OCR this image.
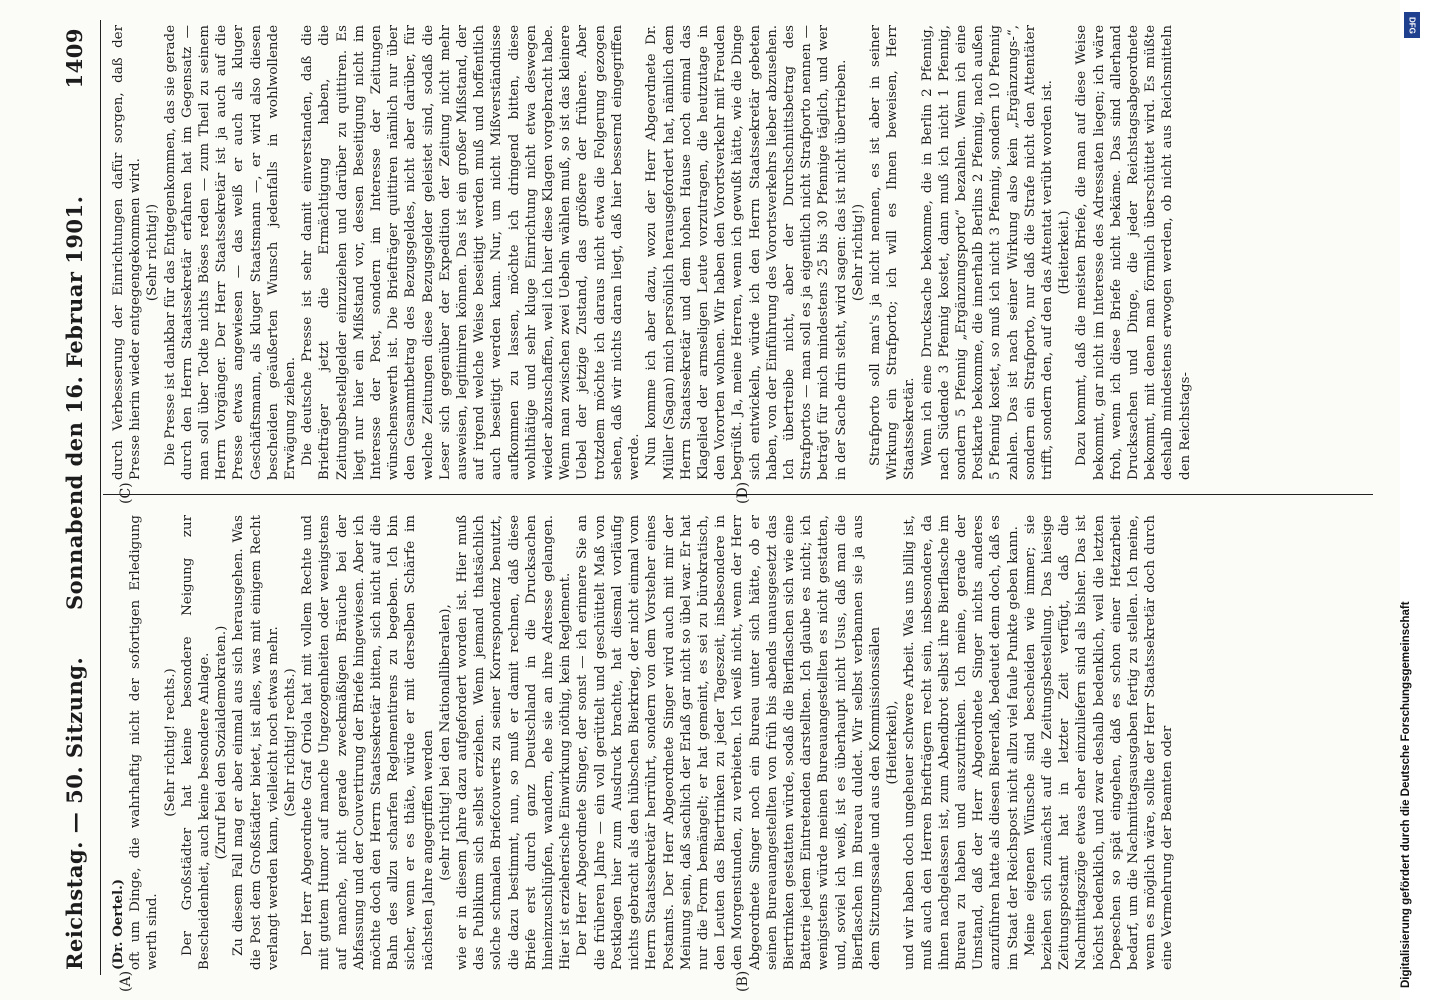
Reichstag. — 50. Sitzung.
Sonnabend den 16. Februar 1901.
1409
(A)	(B)
(C)	(D)

(Dr. Oertel.) oft um Dinge, die wahrhaftig nicht der sofortigen Erledigung werth sind.

(Sehr richtig! rechts.) Der Großstädter hat keine besondere Neigung zur Bescheidenheit, auch keine besondere Anlage. (Zuruf bei den Sozialdemokraten.) Zu diesem Fall mag er aber einmal aus sich herausgehen. Was die Post dem Großstädter bietet, ist alles, was mit einigem Recht verlangt werden kann, vielleicht noch etwas mehr. (Sehr richtig! rechts.) Der Herr Abgeordnete Graf Oriola hat mit vollem Rechte und mit gutem Humor auf manche Ungezogenheiten oder wenigstens auf manche, nicht gerade zweckmäßigen Bräuche bei der Abfassung und der Couvertirung der Briefe hingewiesen. Aber ich möchte doch den Herrn Staatssekretär bitten, sich nicht auf die Bahn des allzu scharfen Reglementirens zu begeben. Ich bin sicher, wenn er es thäte, würde er mit derselben Schärfe im nächsten Jahre angegriffen werden (sehr richtig! bei den Nationalliberalen), wie er in diesem Jahre dazu aufgefordert worden ist. Hier muß das Publikum sich selbst erziehen. Wenn jemand thatsächlich solche schmalen Briefcouverts zu seiner Korrespondenz benutzt, die dazu bestimmt, nun, so muß er damit rechnen, daß diese Briefe erst durch ganz Deutschland in die Drucksachen hineinzuschlüpfen, wandern, ehe sie an ihre Adresse gelangen. Hier ist erzieherische Einwirkung nöthig, kein Reglement. Der Herr Abgeordnete Singer, der sonst — ich erinnere Sie an die früheren Jahre — ein voll gerüttelt und geschüttelt Maß von Postklagen hier zum Ausdruck brachte, hat diesmal vorläufig nichts gebracht als den hübschen Bierkrieg, der nicht einmal vom Herrn Staatssekretär herrührt, sondern von dem Vorsteher eines Postamts. Der Herr Abgeordnete Singer wird auch mit mir der Meinung sein, daß sachlich der Erlaß gar nicht so übel war. Er hat nur die Form bemängelt; er hat gemeint, es sei zu bürokratisch, den Leuten das Biertrinken zu jeder Tageszeit, insbesondere in den Morgenstunden, zu verbieten. Ich weiß nicht, wenn der Herr Abgeordnete Singer noch ein Bureau unter sich hätte, ob er seinen Bureauangestellten von früh bis abends unausgesetzt das Biertrinken gestatten würde, sodaß die Bierflaschen sich wie eine Batterie jedem Eintretenden darstellten. Ich glaube es nicht; ich wenigstens würde meinen Bureauangestellten es nicht gestatten, und, soviel ich weiß, ist es überhaupt nicht Usus, daß man die Bierflaschen im Bureau duldet. Wir selbst verbannen sie ja aus dem Sitzungssaale und aus den Kommissionssälen (Heiterkeit), und wir haben doch ungeheuer schwere Arbeit. Was uns billig ist, muß auch den Herren Briefträgern recht sein, insbesondere, da ihnen nachgelassen ist, zum Abendbrot selbst ihre Bierflasche im Bureau zu haben und auszutrinken. Ich meine, gerade der Umstand, daß der Herr Abgeordnete Singer nichts anderes anzuführen hatte als diesen Biererlaß, bedeutet denn doch, daß es im Staat der Reichspost nicht allzu viel faule Punkte geben kann. Meine eigenen Wünsche sind bescheiden wie immer; sie beziehen sich zunächst auf die Zeitungsbestellung. Das hiesige Zeitungspostamt hat in letzter Zeit verfügt, daß die Nachmittagszüge etwas eher einzuliefern sind als bisher. Das ist höchst bedenklich, und zwar deshalb bedenklich, weil die letzten Depeschen so spät eingehen, daß es schon einer Hetzarbeit bedarf, um die Nachmittagsausgaben fertig zu stellen. Ich meine, wenn es möglich wäre, sollte der Herr Staatssekretär doch durch eine Vermehrung der Beamten oder

durch Verbesserung der Einrichtungen dafür sorgen, daß der Presse hierin wieder entgegengekommen wird. (Sehr richtig!) Die Presse ist dankbar für das Entgegenkommen, das sie gerade durch den Herrn Staatssekretär erfahren hat im Gegensatz — man soll über Todte nichts Böses reden — zum Theil zu seinem Herrn Vorgänger. Der Herr Staatssekretär ist ja auch auf die Presse etwas angewiesen — das weiß er auch als kluger Geschäftsmann, als kluger Staatsmann —, er wird also diesen bescheiden geäußerten Wunsch jedenfalls in wohlwollende Erwägung ziehen. Die deutsche Presse ist sehr damit einverstanden, daß die Briefträger jetzt die Ermächtigung haben, die Zeitungsbestellgelder einzuziehen und darüber zu quittiren. Es liegt nur hier ein Mißstand vor, dessen Beseitigung nicht im Interesse der Post, sondern im Interesse der Zeitungen wünschenswerth ist. Die Briefträger quittiren nämlich nur über den Gesammtbetrag des Bezugsgeldes, nicht aber darüber, für welche Zeitungen diese Bezugsgelder geleistet sind, sodaß die Leser sich gegenüber der Expedition der Zeitung nicht mehr ausweisen, legitimiren können. Das ist ein großer Mißstand, der auf irgend welche Weise beseitigt werden muß und hoffentlich auch beseitigt werden kann. Nur, um nicht Mißverständnisse aufkommen zu lassen, möchte ich dringend bitten, diese wohlthätige und sehr kluge Einrichtung nicht etwa deswegen wieder abzuschaffen, weil ich hier diese Klagen vorgebracht habe. Wenn man zwischen zwei Uebeln wählen muß, so ist das kleinere Uebel der jetzige Zustand, das größere der frühere. Aber trotzdem möchte ich daraus nicht etwa die Folgerung gezogen sehen, daß wir nichts daran liegt, daß hier bessernd eingegriffen werde. Nun komme ich aber dazu, wozu der Herr Abgeordnete Dr. Müller (Sagan) mich persönlich herausgefordert hat, nämlich dem Herrn Staatssekretär und dem hohen Hause noch einmal das Klagelied der armseligen Leute vorzutragen, die heutzutage in den Vororten wohnen. Wir haben den Vorortsverkehr mit Freuden begrüßt. Ja, meine Herren, wenn ich gewußt hätte, wie die Dinge sich entwickeln, würde ich den Herrn Staatssekretär gebeten haben, von der Einführung des Vorortsverkehrs lieber abzusehen. Ich übertreibe nicht, aber der Durchschnittsbetrag des Strafportos — man soll es ja eigentlich nicht Strafporto nennen — beträgt für mich mindestens 25 bis 30 Pfennige täglich, und wer in der Sache drin steht, wird sagen: das ist nicht übertrieben. (Sehr richtig!) Strafporto soll man's ja nicht nennen, es ist aber in seiner Wirkung ein Strafporto; ich will es Ihnen beweisen, Herr Staatssekretär. Wenn ich eine Drucksache bekomme, die in Berlin 2 Pfennig, nach Südende 3 Pfennig kostet, dann muß ich nicht 1 Pfennig, sondern 5 Pfennig „Ergänzungsporto“ bezahlen. Wenn ich eine Postkarte bekomme, die innerhalb Berlins 2 Pfennig, nach außen 5 Pfennig kostet, so muß ich nicht 3 Pfennig, sondern 10 Pfennig zahlen. Das ist nach seiner Wirkung also kein „Ergänzungs-“, sondern ein Strafporto, nur daß die Strafe nicht den Attentäter trifft, sondern den, auf den das Attentat verübt worden ist. (Heiterkeit.) Dazu kommt, daß die meisten Briefe, die man auf diese Weise bekommt, gar nicht im Interesse des Adressaten liegen; ich wäre froh, wenn ich diese Briefe nicht bekäme. Das sind allerhand Drucksachen und Dinge, die jeder Reichstagsabgeordnete bekommt, mit denen man förmlich überschüttet wird. Es müßte deshalb mindestens erwogen werden, ob nicht aus Reichsmitteln den Reichstags-

DFG
Digitalisierung gefördert durch die Deutsche Forschungsgemeinschaft
